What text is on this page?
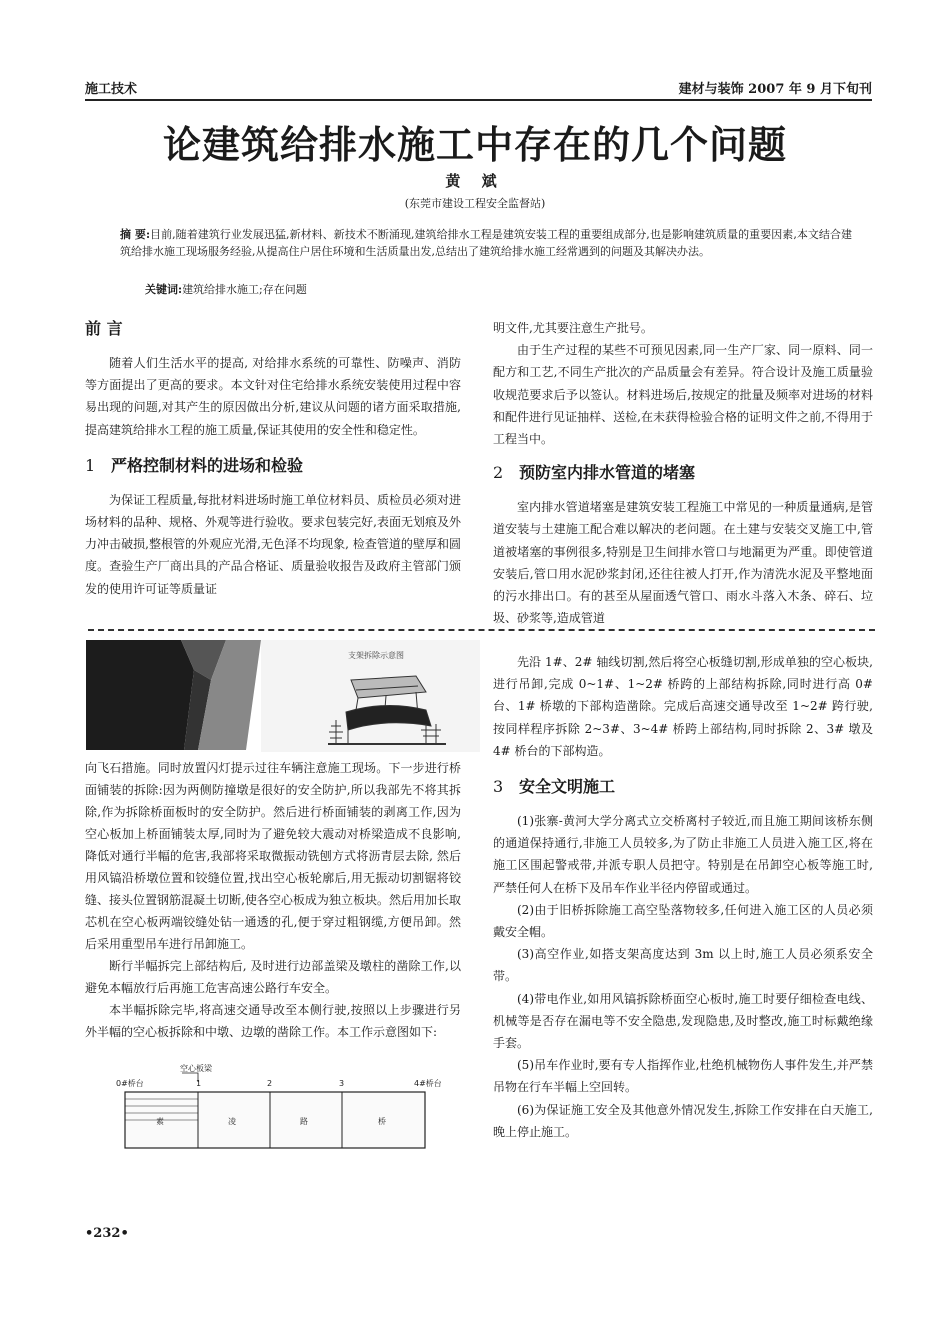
施工技术	建材与装饰 2007 年 9 月下旬刊
论建筑给排水施工中存在的几个问题
黄 斌
(东莞市建设工程安全监督站)
摘 要:目前,随着建筑行业发展迅猛,新材料、新技术不断涌现,建筑给排水工程是建筑安装工程的重要组成部分,也是影响建筑质量的重要因素,本文结合建筑给排水施工现场服务经验,从提高住户居住环境和生活质量出发,总结出了建筑给排水施工经常遇到的问题及其解决办法。
关键词:建筑给排水施工;存在问题
前 言

随着人们生活水平的提高, 对给排水系统的可靠性、防噪声、消防等方面提出了更高的要求。本文针对住宅给排水系统安装使用过程中容易出现的问题,对其产生的原因做出分析,建议从问题的诸方面采取措施, 提高建筑给排水工程的施工质量,保证其使用的安全性和稳定性。

1 严格控制材料的进场和检验

为保证工程质量,每批材料进场时施工单位材料员、质检员必须对进场材料的品种、规格、外观等进行验收。要求包装完好,表面无划痕及外力冲击破损,整根管的外观应光滑,无色泽不均现象, 检查管道的壁厚和圆度。查验生产厂商出具的产品合格证、质量验收报告及政府主管部门颁发的使用许可证等质量证

明文件,尤其要注意生产批号。

由于生产过程的某些不可预见因素,同一生产厂家、同一原料、同一配方和工艺,不同生产批次的产品质量会有差异。符合设计及施工质量验收规范要求后予以签认。材料进场后,按规定的批量及频率对进场的材料和配件进行见证抽样、送检,在未获得检验合格的证明文件之前,不得用于工程当中。

2 预防室内排水管道的堵塞

室内排水管道堵塞是建筑安装工程施工中常见的一种质量通病,是管道安装与土建施工配合难以解决的老问题。在土建与安装交叉施工中,管道被堵塞的事例很多,特别是卫生间排水管口与地漏更为严重。即使管道安装后,管口用水泥砂浆封闭,还往往被人打开,作为清洗水泥及平整地面的污水排出口。有的甚至从屋面透气管口、雨水斗落入木条、碎石、垃圾、砂浆等,造成管道

支架拆除示意图

向飞石措施。同时放置闪灯提示过往车辆注意施工现场。下一步进行桥面铺装的拆除:因为两侧防撞墩是很好的安全防护,所以我部先不将其拆除,作为拆除桥面板时的安全防护。然后进行桥面铺装的剥离工作,因为空心板加上桥面铺装太厚,同时为了避免较大震动对桥梁造成不良影响,降低对通行半幅的危害,我部将采取微振动铣刨方式将沥青层去除, 然后用风镐沿桥墩位置和铰缝位置,找出空心板轮廓后,用无振动切割锯将铰缝、接头位置钢筋混凝土切断,使各空心板成为独立板块。然后用加长取芯机在空心板两端铰缝处钻一通透的孔,便于穿过粗钢缆,方便吊卸。然后采用重型吊车进行吊卸施工。

断行半幅拆完上部结构后, 及时进行边部盖梁及墩柱的凿除工作,以避免本幅放行后再施工危害高速公路行车安全。

本半幅拆除完毕,将高速交通导改至本侧行驶,按照以上步骤进行另外半幅的空心板拆除和中墩、边墩的凿除工作。本工作示意图如下:

空心板梁
0#桥台	1	2	3	4#桥台
素	凌	路	桥

先沿 1#、2# 轴线切割,然后将空心板缝切割,形成单独的空心板块,进行吊卸,完成 0~1#、1~2# 桥跨的上部结构拆除,同时进行高 0# 台、1# 桥墩的下部构造凿除。完成后高速交通导改至 1~2# 跨行驶,按同样程序拆除 2~3#、3~4# 桥跨上部结构,同时拆除 2、3# 墩及 4# 桥台的下部构造。

3 安全文明施工

(1)张寨-黄河大学分离式立交桥离村子较近,而且施工期间该桥东侧的通道保持通行,非施工人员较多,为了防止非施工人员进入施工区,将在施工区围起警戒带,并派专职人员把守。特别是在吊卸空心板等施工时, 严禁任何人在桥下及吊车作业半径内停留或通过。

(2)由于旧桥拆除施工高空坠落物较多,任何进入施工区的人员必须戴安全帽。

(3)高空作业,如搭支架高度达到 3m 以上时,施工人员必须系安全带。

(4)带电作业,如用风镐拆除桥面空心板时,施工时要仔细检查电线、机械等是否存在漏电等不安全隐患,发现隐患,及时整改,施工时标戴绝缘手套。

(5)吊车作业时,要有专人指挥作业,杜绝机械物伤人事件发生,并严禁吊物在行车半幅上空回转。

(6)为保证施工安全及其他意外情况发生,拆除工作安排在白天施工,晚上停止施工。

•232•
